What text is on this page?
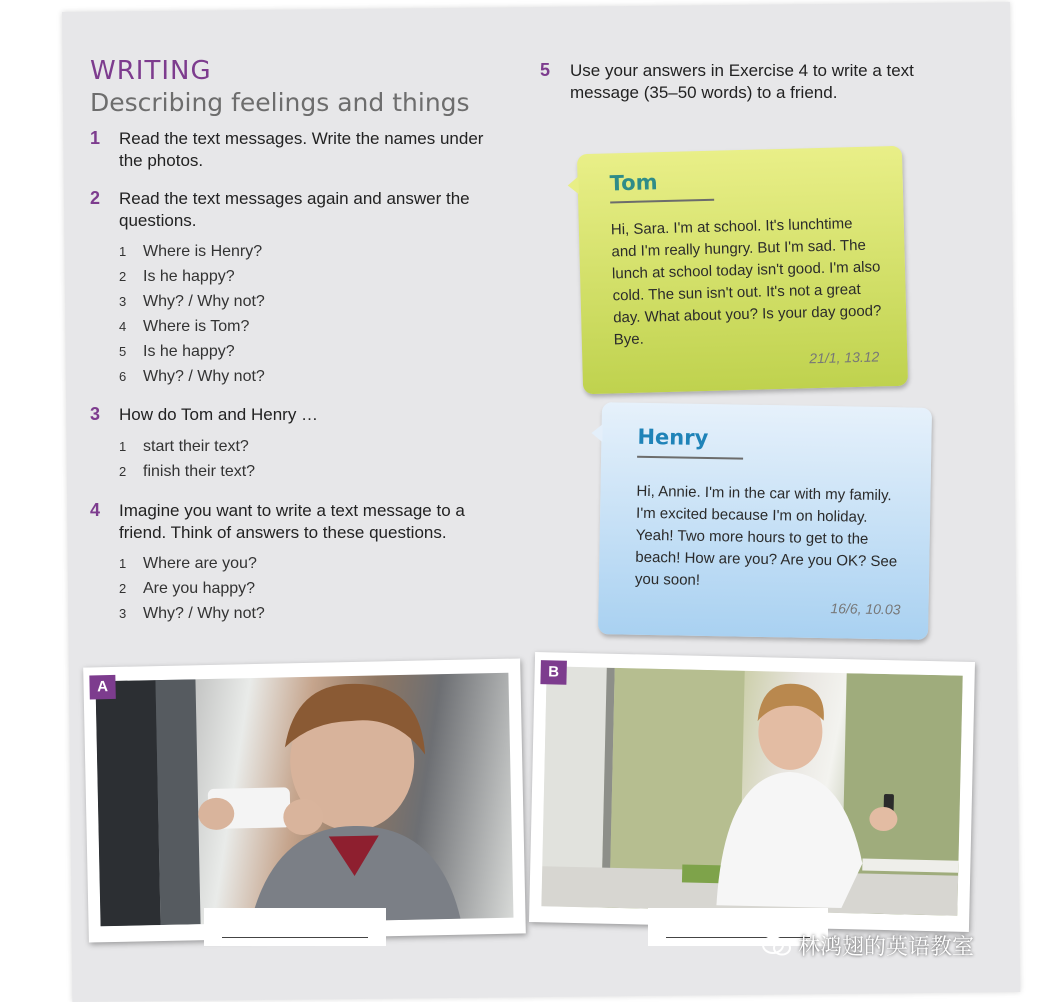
WRITING
Describing feelings and things
1 Read the text messages. Write the names under the photos.
2 Read the text messages again and answer the questions.
1 Where is Henry?
2 Is he happy?
3 Why? / Why not?
4 Where is Tom?
5 Is he happy?
6 Why? / Why not?
3 How do Tom and Henry …
1 start their text?
2 finish their text?
4 Imagine you want to write a text message to a friend. Think of answers to these questions.
1 Where are you?
2 Are you happy?
3 Why? / Why not?
5 Use your answers in Exercise 4 to write a text message (35–50 words) to a friend.
Tom
Hi, Sara. I'm at school. It's lunchtime and I'm really hungry. But I'm sad. The lunch at school today isn't good. I'm also cold. The sun isn't out. It's not a great day. What about you? Is your day good? Bye.
21/1, 13.12
Henry
Hi, Annie. I'm in the car with my family. I'm excited because I'm on holiday. Yeah! Two more hours to get to the beach! How are you? Are you OK? See you soon!
16/6, 10.03
A
B
林鸿翅的英语教室
